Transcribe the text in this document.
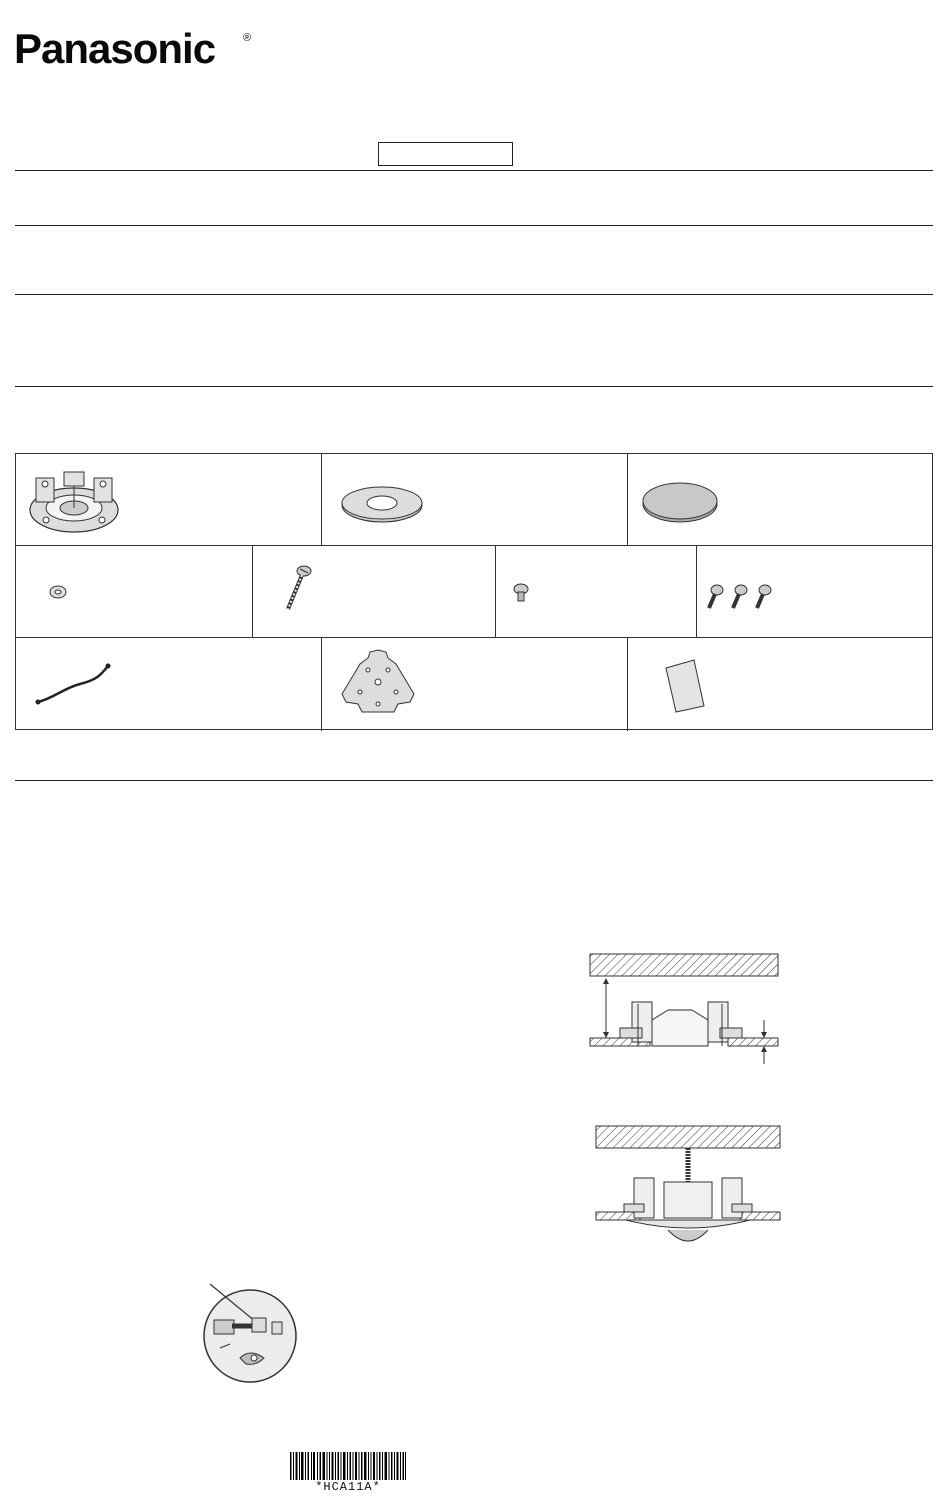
Panasonic	®
*HCA11A*
